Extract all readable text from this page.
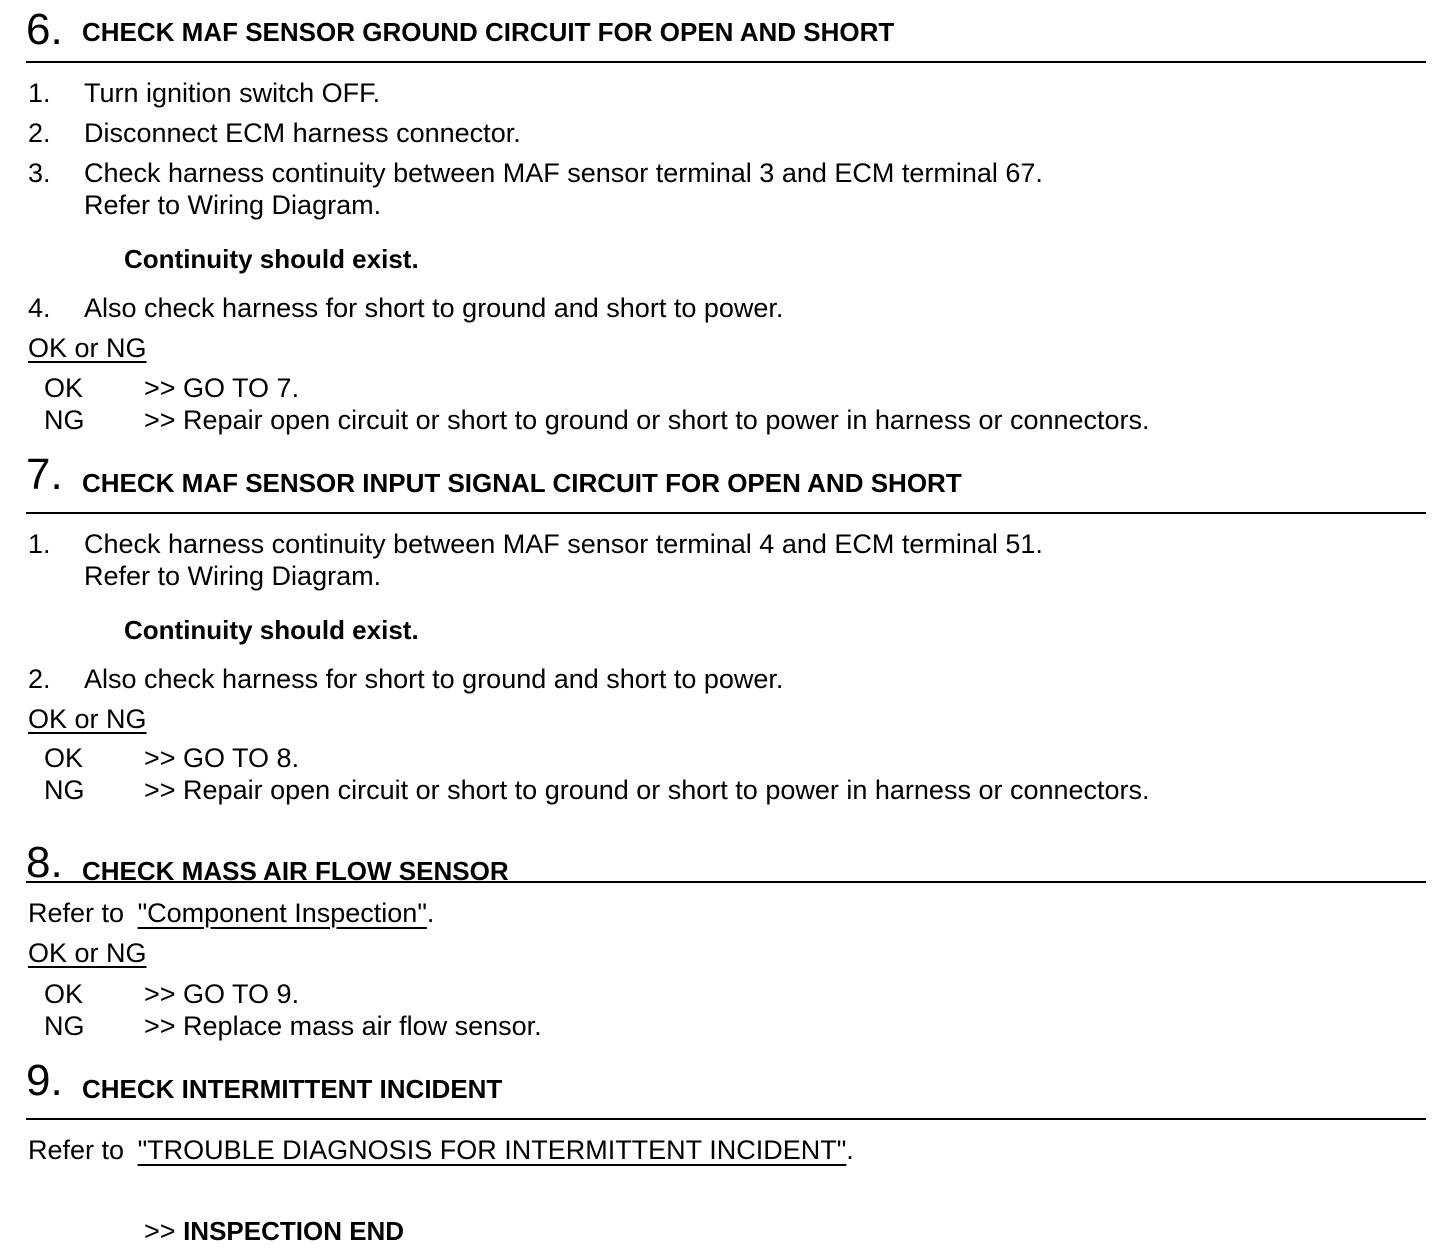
6. CHECK MAF SENSOR GROUND CIRCUIT FOR OPEN AND SHORT
1. Turn ignition switch OFF.
2. Disconnect ECM harness connector.
3. Check harness continuity between MAF sensor terminal 3 and ECM terminal 67.
Refer to Wiring Diagram.
Continuity should exist.
4. Also check harness for short to ground and short to power.
OK or NG
OK >> GO TO 7.
NG >> Repair open circuit or short to ground or short to power in harness or connectors.
7. CHECK MAF SENSOR INPUT SIGNAL CIRCUIT FOR OPEN AND SHORT
1. Check harness continuity between MAF sensor terminal 4 and ECM terminal 51.
Refer to Wiring Diagram.
Continuity should exist.
2. Also check harness for short to ground and short to power.
OK or NG
OK >> GO TO 8.
NG >> Repair open circuit or short to ground or short to power in harness or connectors.
8. CHECK MASS AIR FLOW SENSOR
Refer to "Component Inspection".
OK or NG
OK >> GO TO 9.
NG >> Replace mass air flow sensor.
9. CHECK INTERMITTENT INCIDENT
Refer to "TROUBLE DIAGNOSIS FOR INTERMITTENT INCIDENT".
>> INSPECTION END
